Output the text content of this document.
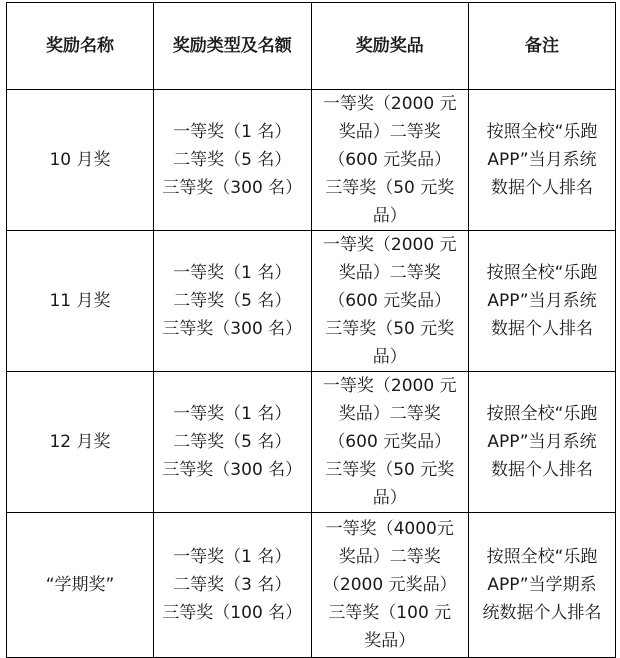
奖励名称	奖励类型及名额	奖励奖品	备注
10 月奖	一等奖（1 名）
二等奖（5 名）
三等奖（300 名）	一等奖（2000 元
奖品）二等奖
（600 元奖品）
三等奖（50 元奖
品）	按照全校“乐跑
APP”当月系统
数据个人排名

11 月奖	一等奖（1 名）
二等奖（5 名）
三等奖（300 名）	一等奖（2000 元
奖品）二等奖
（600 元奖品）
三等奖（50 元奖
品）	按照全校“乐跑
APP”当月系统
数据个人排名

12 月奖	一等奖（1 名）
二等奖（5 名）
三等奖（300 名）	一等奖（2000 元
奖品）二等奖
（600 元奖品）
三等奖（50 元奖
品）	按照全校“乐跑
APP”当月系统
数据个人排名

“学期奖”	一等奖（1 名）
二等奖（3 名）
三等奖（100 名）	一等奖（4000元
奖品）二等奖
（2000 元奖品）
三等奖（100 元
奖品）	按照全校“乐跑
APP”当学期系
统数据个人排名
